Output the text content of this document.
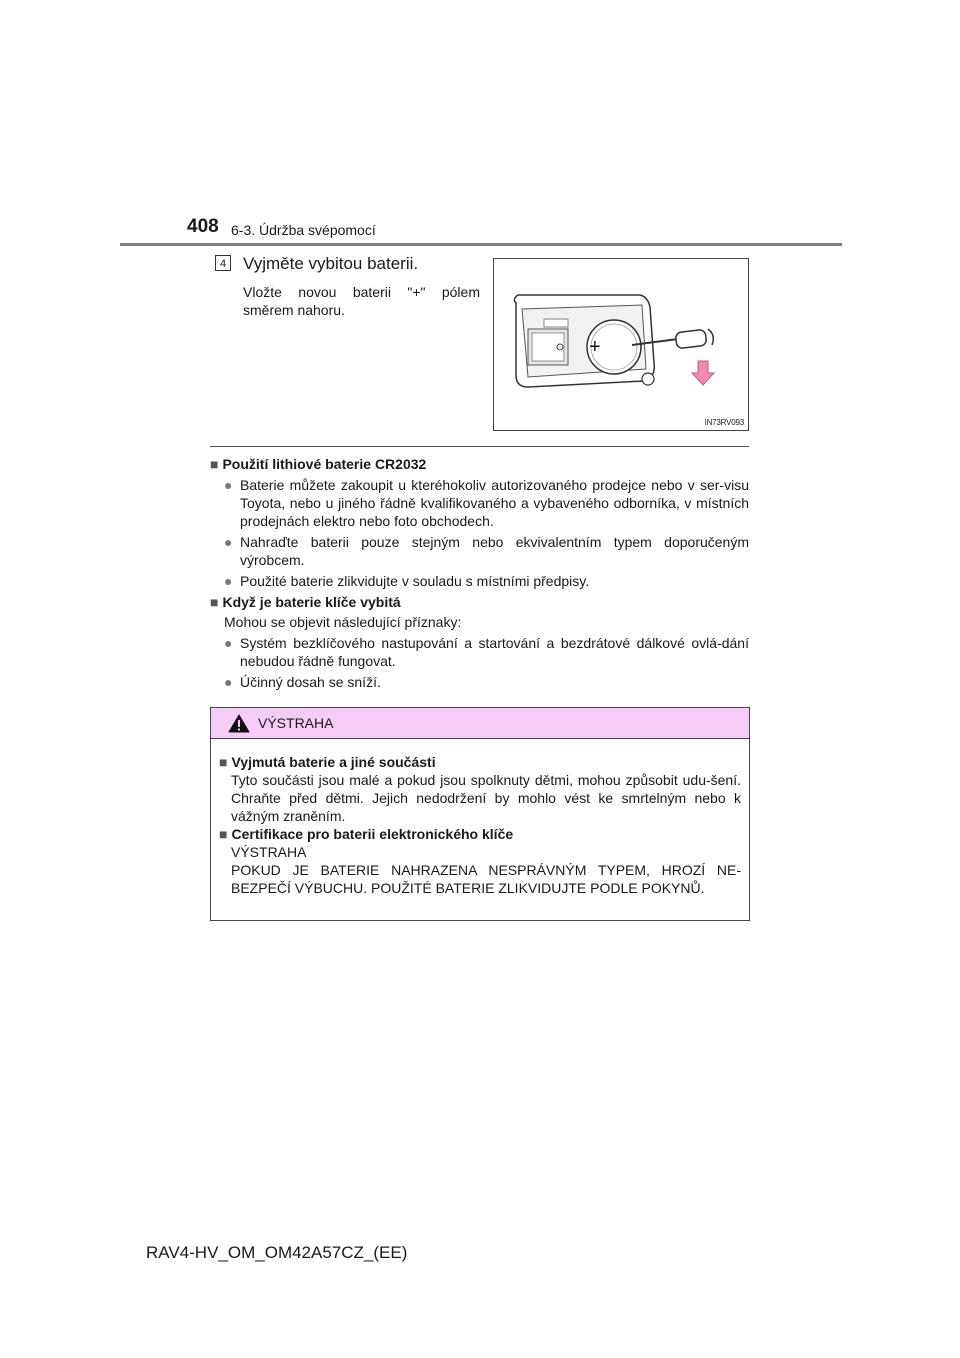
408 6-3. Údržba svépomocí
4 Vyjměte vybitou baterii.
Vložte novou baterii "+" pólem směrem nahoru.
+
IN73RV093

■ Použití lithiové baterie CR2032

● Baterie můžete zakoupit u kteréhokoliv autorizovaného prodejce nebo v ser-visu Toyota, nebo u jiného řádně kvalifikovaného a vybaveného odborníka, v místních prodejnách elektro nebo foto obchodech.
● Nahraďte baterii pouze stejným nebo ekvivalentním typem doporučeným výrobcem.
● Použité baterie zlikvidujte v souladu s místními předpisy.

■ Když je baterie klíče vybitá

Mohou se objevit následující příznaky:
● Systém bezklíčového nastupování a startování a bezdrátové dálkové ovlá-dání nebudou řádně fungovat.
● Účinný dosah se sníží.
VÝSTRAHA

■ Vyjmutá baterie a jiné součásti

Tyto součásti jsou malé a pokud jsou spolknuty dětmi, mohou způsobit udu-šení. Chraňte před dětmi. Jejich nedodržení by mohlo vést ke smrtelným nebo k vážným zraněním.

■ Certifikace pro baterii elektronického klíče

VÝSTRAHA
POKUD JE BATERIE NAHRAZENA NESPRÁVNÝM TYPEM, HROZÍ NE-BEZPEČÍ VÝBUCHU. POUŽITÉ BATERIE ZLIKVIDUJTE PODLE POKYNŮ.
RAV4-HV_OM_OM42A57CZ_(EE)
